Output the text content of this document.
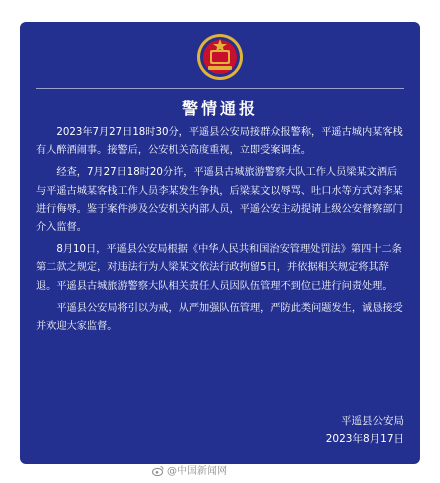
警情通报

2023年7月27日18时30分，平遥县公安局接群众报警称，平遥古城内某客栈有人醉酒闹事。接警后，公安机关高度重视，立即受案调查。

经查，7月27日18时20分许，平遥县古城旅游警察大队工作人员梁某文酒后与平遥古城某客栈工作人员李某发生争执，后梁某文以辱骂、吐口水等方式对李某进行侮辱。鉴于案件涉及公安机关内部人员，平遥公安主动提请上级公安督察部门介入监督。

8月10日，平遥县公安局根据《中华人民共和国治安管理处罚法》第四十二条第二款之规定，对违法行为人梁某文依法行政拘留5日，并依据相关规定将其辞退。平遥县古城旅游警察大队相关责任人员因队伍管理不到位已进行问责处理。

平遥县公安局将引以为戒，从严加强队伍管理，严防此类问题发生，诚恳接受并欢迎大家监督。

平遥县公安局
2023年8月17日
@中国新闻网
